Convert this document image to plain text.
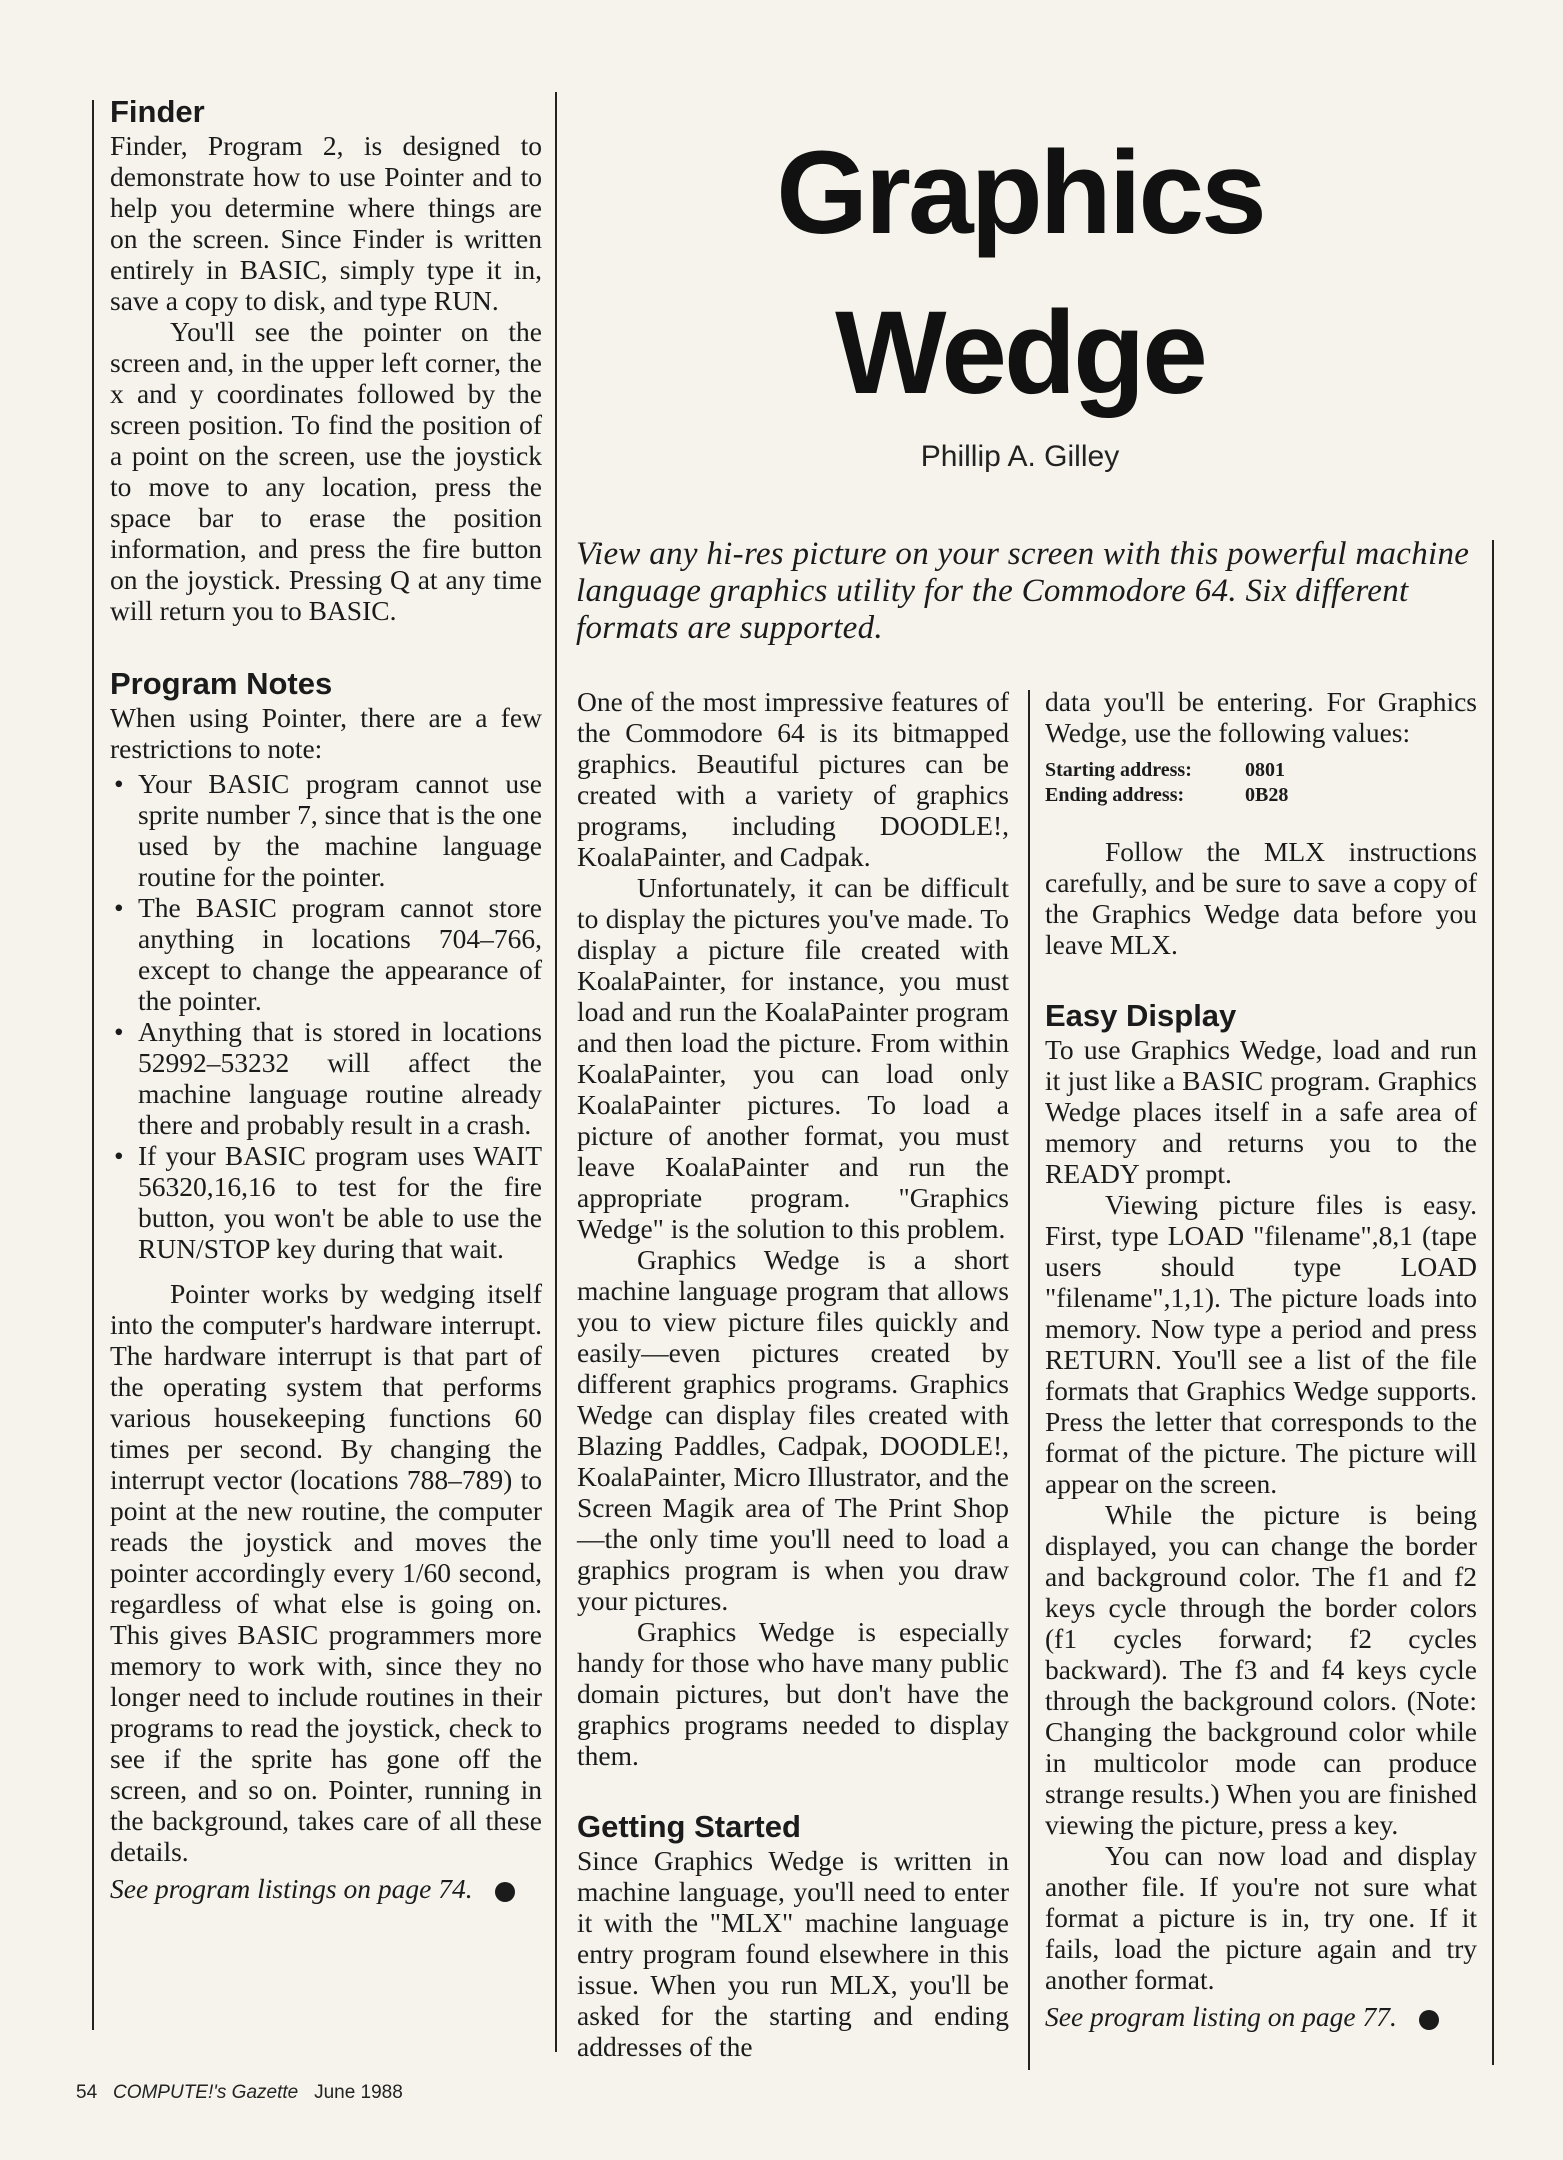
Finder

Finder, Program 2, is designed to demonstrate how to use Pointer and to help you determine where things are on the screen. Since Finder is written entirely in BASIC, simply type it in, save a copy to disk, and type RUN.

You'll see the pointer on the screen and, in the upper left corner, the x and y coordinates followed by the screen position. To find the position of a point on the screen, use the joystick to move to any location, press the space bar to erase the position information, and press the fire button on the joystick. Pressing Q at any time will return you to BASIC.

Program Notes

When using Pointer, there are a few restrictions to note:

• Your BASIC program cannot use sprite number 7, since that is the one used by the machine language routine for the pointer.
• The BASIC program cannot store anything in locations 704–766, except to change the appearance of the pointer.
• Anything that is stored in locations 52992–53232 will affect the machine language routine already there and probably result in a crash.
• If your BASIC program uses WAIT 56320,16,16 to test for the fire button, you won't be able to use the RUN/STOP key during that wait.

Pointer works by wedging itself into the computer's hardware interrupt. The hardware interrupt is that part of the operating system that performs various housekeeping functions 60 times per second. By changing the interrupt vector (locations 788–789) to point at the new routine, the computer reads the joystick and moves the pointer accordingly every 1/60 second, regardless of what else is going on. This gives BASIC programmers more memory to work with, since they no longer need to include routines in their programs to read the joystick, check to see if the sprite has gone off the screen, and so on. Pointer, running in the background, takes care of all these details.

See program listings on page 74.
Graphics
Wedge
Phillip A. Gilley
View any hi-res picture on your screen with this powerful machine language graphics utility for the Commodore 64. Six different formats are supported.

One of the most impressive features of the Commodore 64 is its bitmapped graphics. Beautiful pictures can be created with a variety of graphics programs, including DOODLE!, KoalaPainter, and Cadpak.

Unfortunately, it can be difficult to display the pictures you've made. To display a picture file created with KoalaPainter, for instance, you must load and run the KoalaPainter program and then load the picture. From within KoalaPainter, you can load only KoalaPainter pictures. To load a picture of another format, you must leave KoalaPainter and run the appropriate program. "Graphics Wedge" is the solution to this problem.

Graphics Wedge is a short machine language program that allows you to view picture files quickly and easily—even pictures created by different graphics programs. Graphics Wedge can display files created with Blazing Paddles, Cadpak, DOODLE!, KoalaPainter, Micro Illustrator, and the Screen Magik area of The Print Shop—the only time you'll need to load a graphics program is when you draw your pictures.

Graphics Wedge is especially handy for those who have many public domain pictures, but don't have the graphics programs needed to display them.

Getting Started

Since Graphics Wedge is written in machine language, you'll need to enter it with the "MLX" machine language entry program found elsewhere in this issue. When you run MLX, you'll be asked for the starting and ending addresses of the

data you'll be entering. For Graphics Wedge, use the following values:

Starting address:	0801
Ending address:	0B28

Follow the MLX instructions carefully, and be sure to save a copy of the Graphics Wedge data before you leave MLX.

Easy Display

To use Graphics Wedge, load and run it just like a BASIC program. Graphics Wedge places itself in a safe area of memory and returns you to the READY prompt.

Viewing picture files is easy. First, type LOAD "filename",8,1 (tape users should type LOAD "filename",1,1). The picture loads into memory. Now type a period and press RETURN. You'll see a list of the file formats that Graphics Wedge supports. Press the letter that corresponds to the format of the picture. The picture will appear on the screen.

While the picture is being displayed, you can change the border and background color. The f1 and f2 keys cycle through the border colors (f1 cycles forward; f2 cycles backward). The f3 and f4 keys cycle through the background colors. (Note: Changing the background color while in multicolor mode can produce strange results.) When you are finished viewing the picture, press a key.

You can now load and display another file. If you're not sure what format a picture is in, try one. If it fails, load the picture again and try another format.

See program listing on page 77.
54 COMPUTE!'s Gazette June 1988
